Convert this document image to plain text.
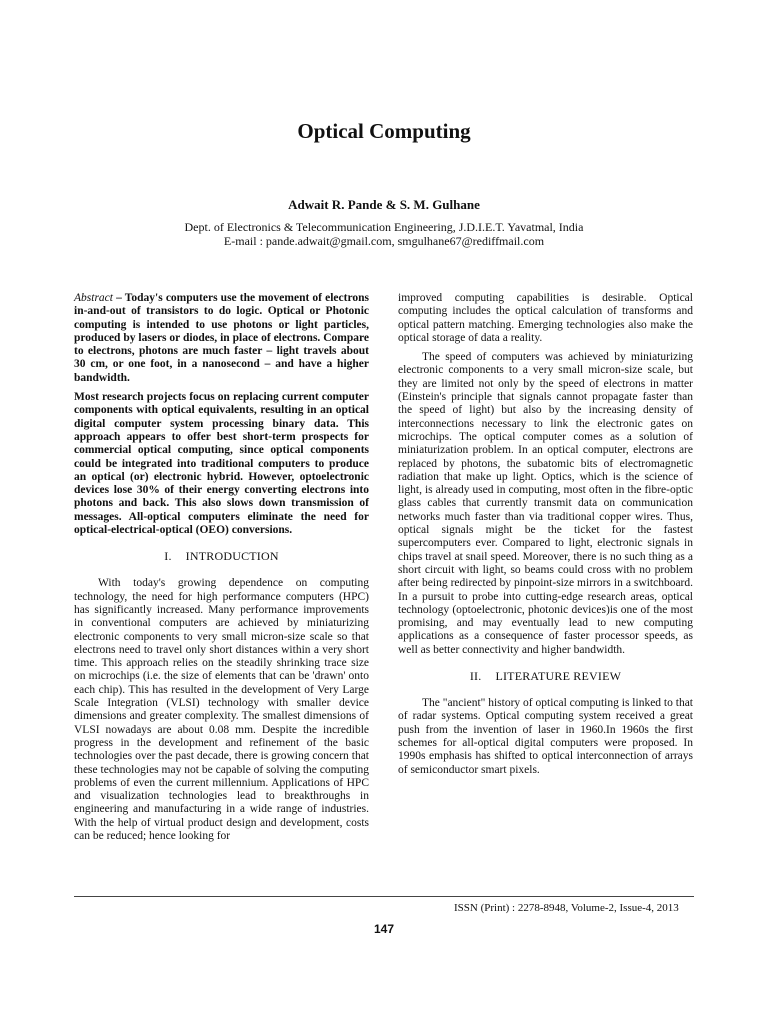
Optical Computing
Adwait R. Pande & S. M. Gulhane
Dept. of Electronics & Telecommunication Engineering, J.D.I.E.T. Yavatmal, India
E-mail : pande.adwait@gmail.com, smgulhane67@rediffmail.com

Abstract – Today's computers use the movement of electrons in-and-out of transistors to do logic. Optical or Photonic computing is intended to use photons or light particles, produced by lasers or diodes, in place of electrons. Compare to electrons, photons are much faster – light travels about 30 cm, or one foot, in a nanosecond – and have a higher bandwidth.

Most research projects focus on replacing current computer components with optical equivalents, resulting in an optical digital computer system processing binary data. This approach appears to offer best short-term prospects for commercial optical computing, since optical components could be integrated into traditional computers to produce an optical (or) electronic hybrid. However, optoelectronic devices lose 30% of their energy converting electrons into photons and back. This also slows down transmission of messages. All-optical computers eliminate the need for optical-electrical-optical (OEO) conversions.

I. INTRODUCTION

With today's growing dependence on computing technology, the need for high performance computers (HPC) has significantly increased. Many performance improvements in conventional computers are achieved by miniaturizing electronic components to very small micron-size scale so that electrons need to travel only short distances within a very short time. This approach relies on the steadily shrinking trace size on microchips (i.e. the size of elements that can be 'drawn' onto each chip). This has resulted in the development of Very Large Scale Integration (VLSI) technology with smaller device dimensions and greater complexity. The smallest dimensions of VLSI nowadays are about 0.08 mm. Despite the incredible progress in the development and refinement of the basic technologies over the past decade, there is growing concern that these technologies may not be capable of solving the computing problems of even the current millennium. Applications of HPC and visualization technologies lead to breakthroughs in engineering and manufacturing in a wide range of industries. With the help of virtual product design and development, costs can be reduced; hence looking for

improved computing capabilities is desirable. Optical computing includes the optical calculation of transforms and optical pattern matching. Emerging technologies also make the optical storage of data a reality.

The speed of computers was achieved by miniaturizing electronic components to a very small micron-size scale, but they are limited not only by the speed of electrons in matter (Einstein's principle that signals cannot propagate faster than the speed of light) but also by the increasing density of interconnections necessary to link the electronic gates on microchips. The optical computer comes as a solution of miniaturization problem. In an optical computer, electrons are replaced by photons, the subatomic bits of electromagnetic radiation that make up light. Optics, which is the science of light, is already used in computing, most often in the fibre-optic glass cables that currently transmit data on communication networks much faster than via traditional copper wires. Thus, optical signals might be the ticket for the fastest supercomputers ever. Compared to light, electronic signals in chips travel at snail speed. Moreover, there is no such thing as a short circuit with light, so beams could cross with no problem after being redirected by pinpoint-size mirrors in a switchboard. In a pursuit to probe into cutting-edge research areas, optical technology (optoelectronic, photonic devices)is one of the most promising, and may eventually lead to new computing applications as a consequence of faster processor speeds, as well as better connectivity and higher bandwidth.

II. LITERATURE REVIEW

The "ancient" history of optical computing is linked to that of radar systems. Optical computing system received a great push from the invention of laser in 1960.In 1960s the first schemes for all-optical digital computers were proposed. In 1990s emphasis has shifted to optical interconnection of arrays of semiconductor smart pixels.

ISSN (Print) : 2278-8948, Volume-2, Issue-4, 2013
147
